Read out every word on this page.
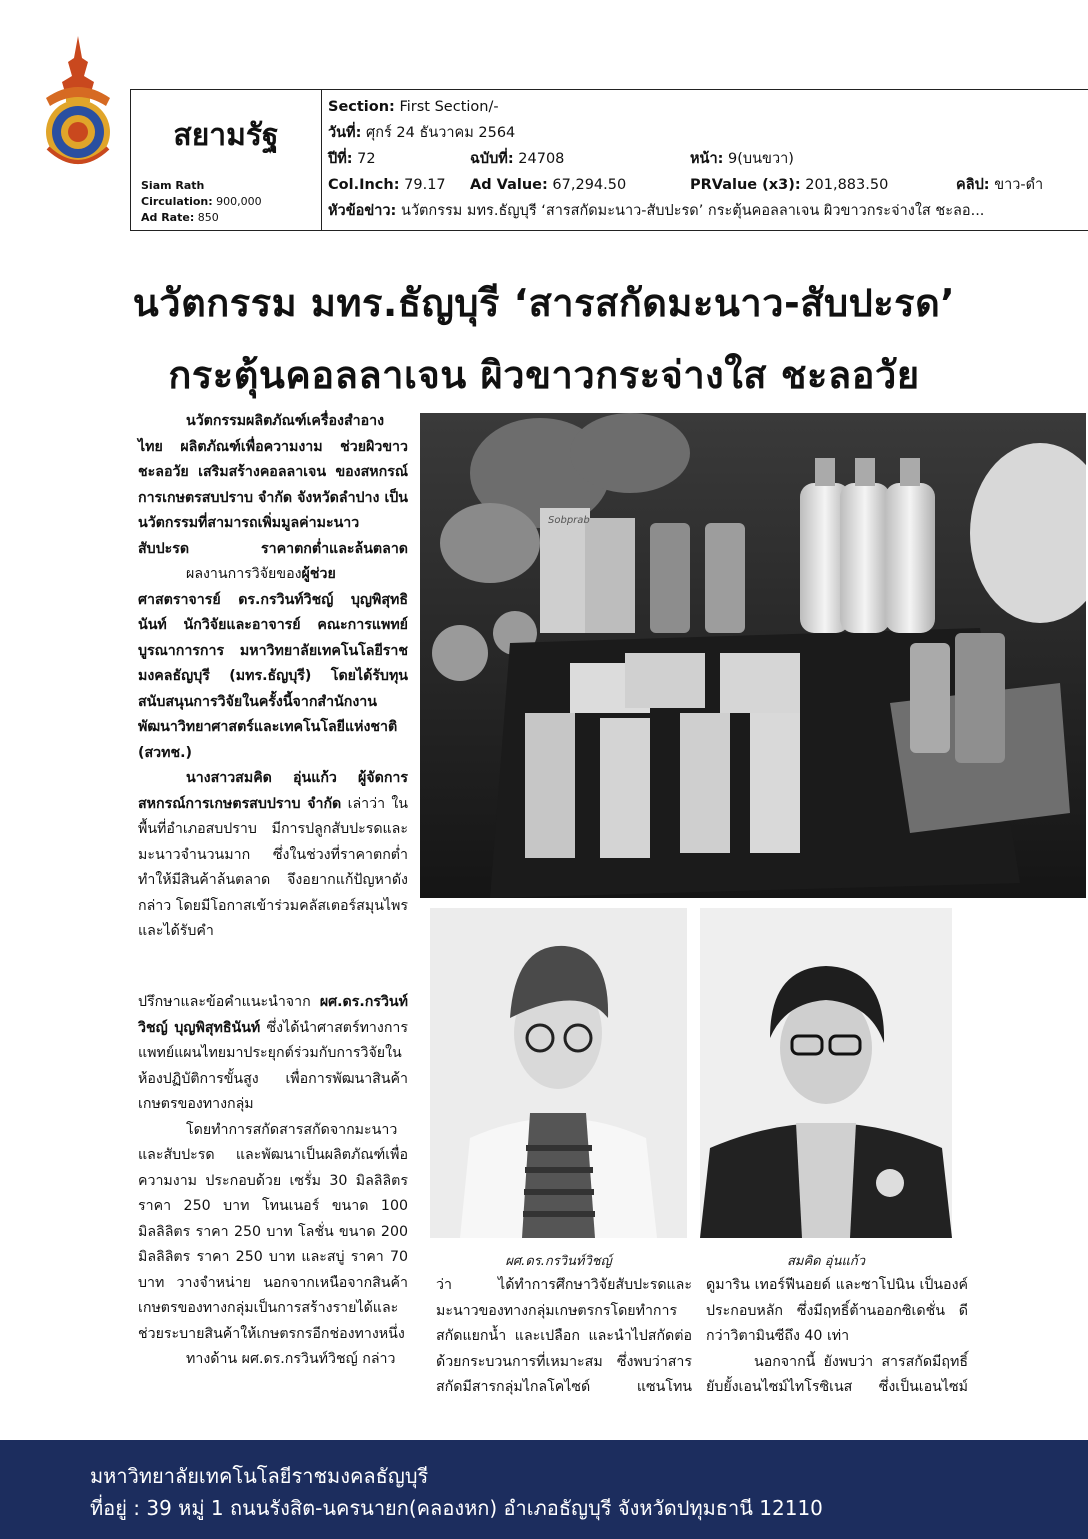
สยามรัฐ
Siam Rath
Circulation: 900,000
Ad Rate: 850
Section: First Section/-
วันที่: ศุกร์ 24 ธันวาคม 2564
ปีที่: 72	ฉบับที่: 24708	หน้า: 9(บนขวา)
Col.Inch: 79.17 Ad Value: 67,294.50	PRValue (x3): 201,883.50	คลิป: ขาว-ดำ
หัวข้อข่าว: นวัตกรรม มทร.ธัญบุรี ‘สารสกัดมะนาว-สับปะรด’ กระตุ้นคอลลาเจน ผิวขาวกระจ่างใส ชะลอ...
นวัตกรรม มทร.ธัญบุรี ‘สารสกัดมะนาว-สับปะรด’
กระตุ้นคอลลาเจน ผิวขาวกระจ่างใส ชะลอวัย

นวัตกรรมผลิตภัณฑ์เครื่องสำอางไทย ผลิตภัณฑ์เพื่อความงาม ช่วยผิวขาว ชะลอวัย เสริมสร้างคอลลาเจน ของสหกรณ์การเกษตรสบปราบ จำกัด จังหวัดลำปาง เป็นนวัตกรรมที่สามารถเพิ่มมูลค่ามะนาว สับปะรด ราคาตกต่ำและล้นตลาด

ผลงานการวิจัยของผู้ช่วยศาสตราจารย์ ดร.กรวินท์วิชญ์ บุญพิสุทธินันท์ นักวิจัยและอาจารย์ คณะการแพทย์บูรณาการการ มหาวิทยาลัยเทคโนโลยีราชมงคลธัญบุรี (มทร.ธัญบุรี) โดยได้รับทุนสนับสนุนการวิจัยในครั้งนี้จากสำนักงานพัฒนาวิทยาศาสตร์และเทคโนโลยีแห่งชาติ (สวทช.)

นางสาวสมคิด อุ่นแก้ว ผู้จัดการสหกรณ์การเกษตรสบปราบ จำกัด เล่าว่า ในพื้นที่อำเภอสบปราบ มีการปลูกสับปะรดและมะนาวจำนวนมาก ซึ่งในช่วงที่ราคาตกต่ำทำให้มีสินค้าล้นตลาด จึงอยากแก้ปัญหาดังกล่าว โดยมีโอกาสเข้าร่วมคลัสเตอร์สมุนไพร และได้รับคำ

ปรึกษาและข้อคำแนะนำจาก ผศ.ดร.กรวินท์วิชญ์ บุญพิสุทธินันท์ ซึ่งได้นำศาสตร์ทางการแพทย์แผนไทยมาประยุกต์ร่วมกับการวิจัยในห้องปฏิบัติการขั้นสูง เพื่อการพัฒนาสินค้าเกษตรของทางกลุ่ม

โดยทำการสกัดสารสกัดจากมะนาวและสับปะรด และพัฒนาเป็นผลิตภัณฑ์เพื่อความงาม ประกอบด้วย เซรั่ม 30 มิลลิลิตร ราคา 250 บาท โทนเนอร์ ขนาด 100 มิลลิลิตร ราคา 250 บาท โลชั่น ขนาด 200 มิลลิลิตร ราคา 250 บาท และสบู่ ราคา 70 บาท วางจำหน่าย นอกจากเหนือจากสินค้าเกษตรของทางกลุ่มเป็นการสร้างรายได้และช่วยระบายสินค้าให้เกษตรกรอีกช่องทางหนึ่ง

ทางด้าน ผศ.ดร.กรวินท์วิชญ์ กล่าว

Sobprab
ผศ.ดร.กรวินท์วิชญ์	สมคิด อุ่นแก้ว

ว่า ได้ทำการศึกษาวิจัยสับปะรดและมะนาวของทางกลุ่มเกษตรกรโดยทำการสกัดแยกน้ำ และเปลือก และนำไปสกัดต่อด้วยกระบวนการที่เหมาะสม ซึ่งพบว่าสารสกัดมีสารกลุ่มไกลโคไซด์ แซนโทน

ดูมาริน เทอร์ฟีนอยด์ และซาโปนิน เป็นองค์ประกอบหลัก ซึ่งมีฤทธิ์ต้านออกซิเดชั่น ดีกว่าวิตามินซีถึง 40 เท่า

นอกจากนี้ ยังพบว่า สารสกัดมีฤทธิ์ยับยั้งเอนไซม์ไทโรซิเนส ซึ่งเป็นเอนไซม์

มหาวิทยาลัยเทคโนโลยีราชมงคลธัญบุรี
ที่อยู่ : 39 หมู่ 1 ถนนรังสิต-นครนายก(คลองหก) อำเภอธัญบุรี จังหวัดปทุมธานี 12110
